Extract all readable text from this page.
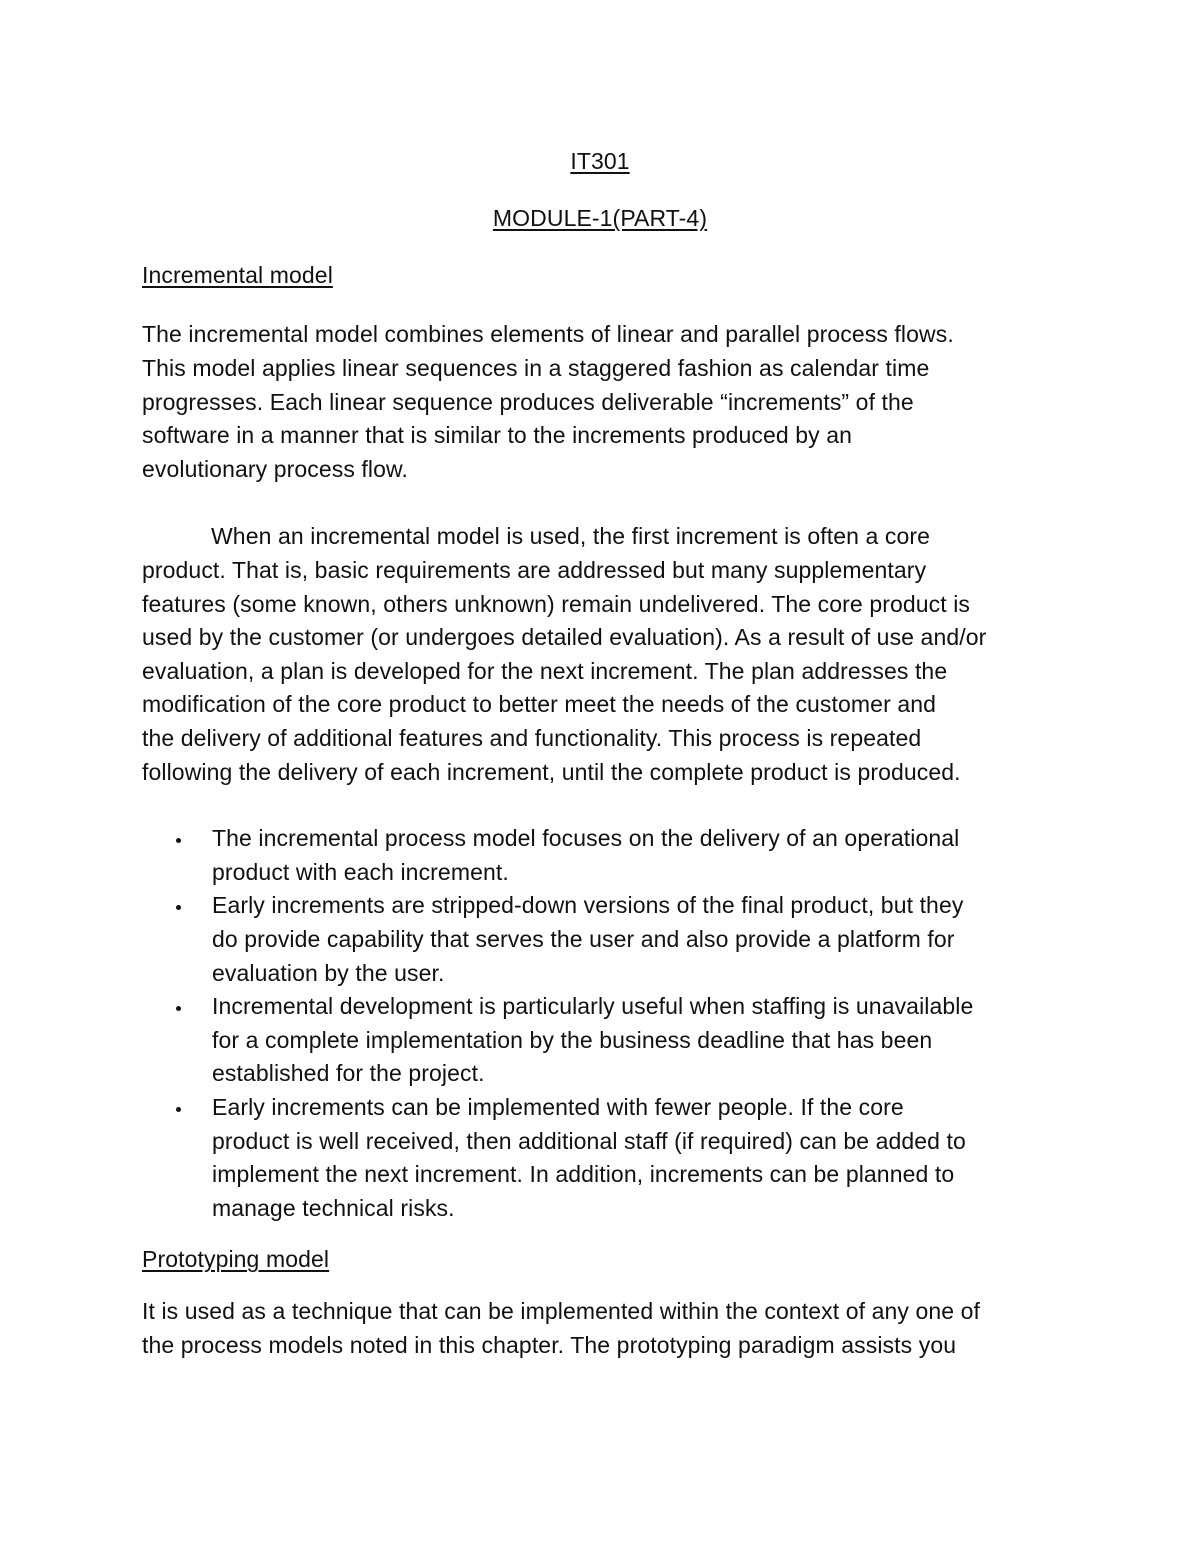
IT301
MODULE-1(PART-4)
Incremental model
The incremental model combines elements of linear and parallel process flows.
This model applies linear sequences in a staggered fashion as calendar time
progresses. Each linear sequence produces deliverable “increments” of the
software in a manner that is similar to the increments produced by an
evolutionary process flow.
When an incremental model is used, the first increment is often a core
product. That is, basic requirements are addressed but many supplementary
features (some known, others unknown) remain undelivered. The core product is
used by the customer (or undergoes detailed evaluation). As a result of use and/or
evaluation, a plan is developed for the next increment. The plan addresses the
modification of the core product to better meet the needs of the customer and
the delivery of additional features and functionality. This process is repeated
following the delivery of each increment, until the complete product is produced.
The incremental process model focuses on the delivery of an operational
product with each increment.
Early increments are stripped-down versions of the final product, but they
do provide capability that serves the user and also provide a platform for
evaluation by the user.
Incremental development is particularly useful when staffing is unavailable
for a complete implementation by the business deadline that has been
established for the project.
Early increments can be implemented with fewer people. If the core
product is well received, then additional staff (if required) can be added to
implement the next increment. In addition, increments can be planned to
manage technical risks.
Prototyping model
It is used as a technique that can be implemented within the context of any one of
the process models noted in this chapter. The prototyping paradigm assists you
